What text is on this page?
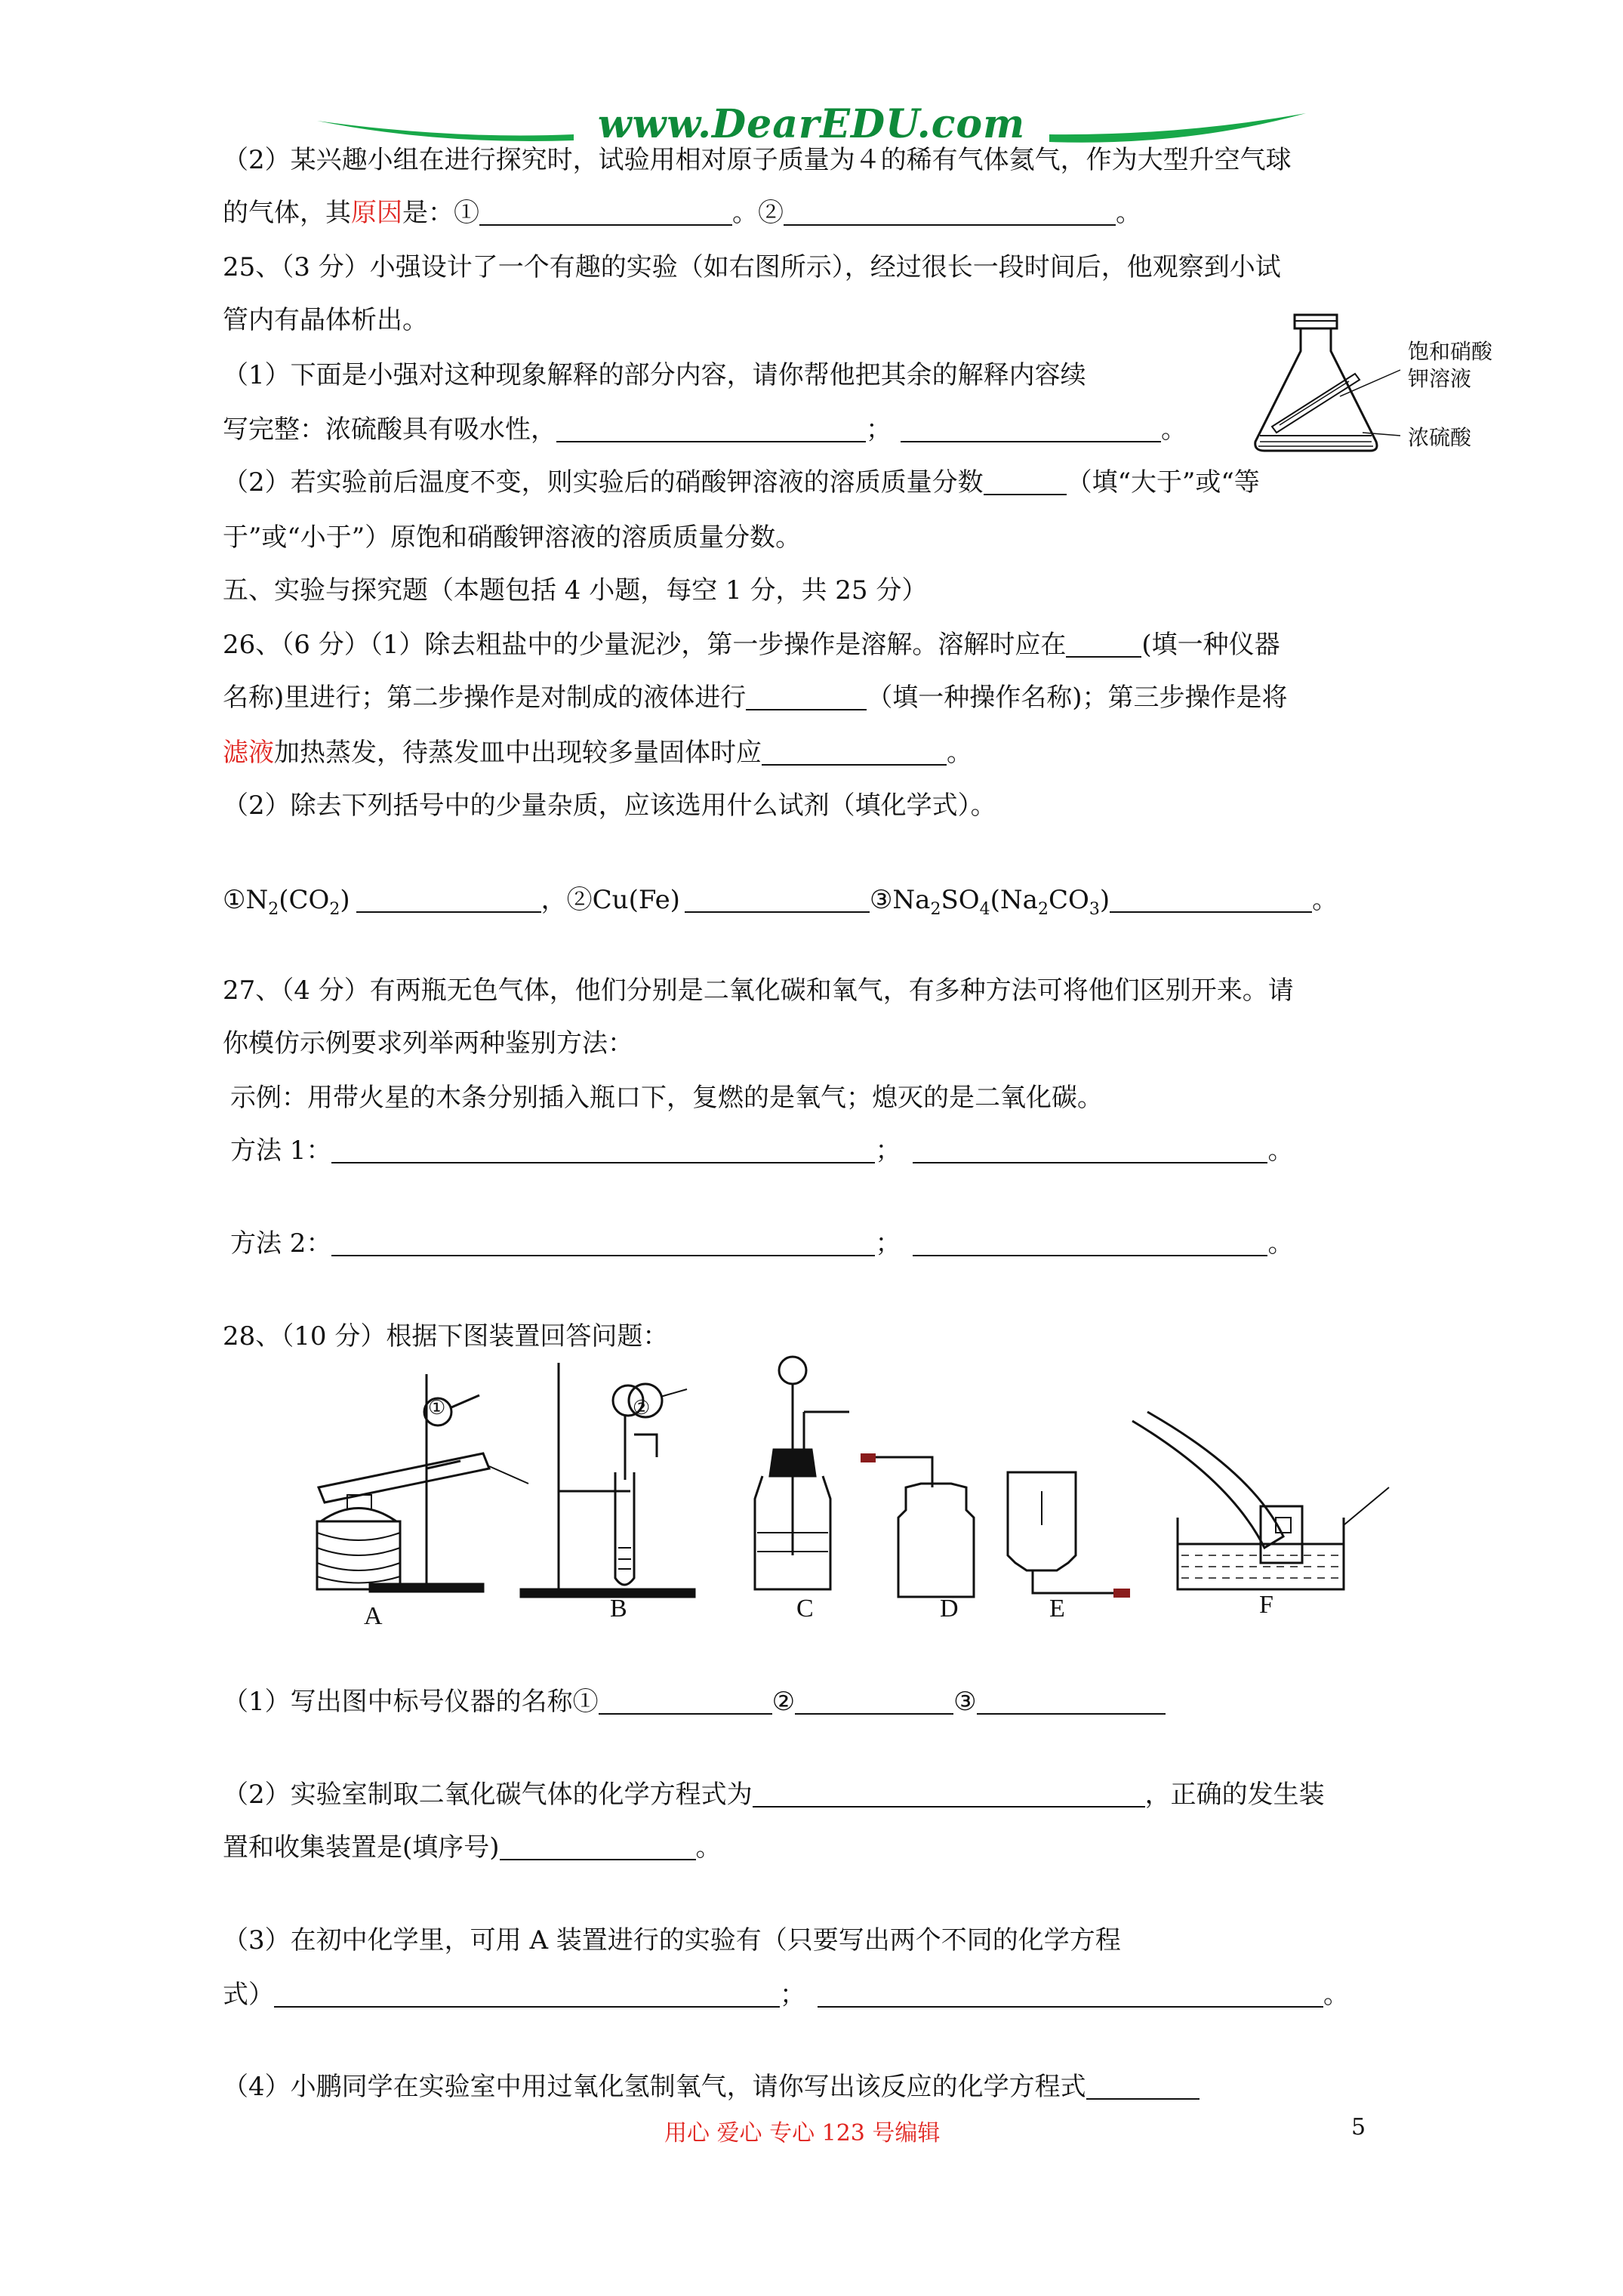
www.DearEDU.com
（2）某兴趣小组在进行探究时，试验用相对原子质量为４的稀有气体氦气，作为大型升空气球
的气体，其原因是：①	。②	。
25、（3 分）小强设计了一个有趣的实验（如右图所示），经过很长一段时间后，他观察到小试
管内有晶体析出。
饱和硝酸
钾溶液
浓硫酸
（1）下面是小强对这种现象解释的部分内容，请你帮他把其余的解释内容续
写完整：浓硫酸具有吸水性，	；	。
（2）若实验前后温度不变，则实验后的硝酸钾溶液的溶质质量分数	（填“大于”或“等
于”或“小于”）原饱和硝酸钾溶液的溶质质量分数。
五、实验与探究题（本题包括 4 小题，每空 1 分，共 25 分）
26、（6 分）（1）除去粗盐中的少量泥沙，第一步操作是溶解。溶解时应在	(填一种仪器
名称)里进行；第二步操作是对制成的液体进行	（填一种操作名称)；第三步操作是将
滤液加热蒸发，待蒸发皿中出现较多量固体时应	。
（2）除去下列括号中的少量杂质，应该选用什么试剂（填化学式）。
$①N_2(CO_2)$	，②Cu(Fe)	$③Na_2SO_4(Na_2CO_3)$	。
27、（4 分）有两瓶无色气体，他们分别是二氧化碳和氧气，有多种方法可将他们区别开来。请
你模仿示例要求列举两种鉴别方法：
示例：用带火星的木条分别插入瓶口下，复燃的是氧气；熄灭的是二氧化碳。
方法 1：	；	。
方法 2：	；	。
28、（10 分）根据下图装置回答问题：
A	B	C	D	E	F
①	②
（1）写出图中标号仪器的名称①	②	③
（2）实验室制取二氧化碳气体的化学方程式为	，正确的发生装
置和收集装置是(填序号)	。
（3）在初中化学里，可用 A 装置进行的实验有（只要写出两个不同的化学方程
式）	；	。
（4）小鹏同学在实验室中用过氧化氢制氧气，请你写出该反应的化学方程式
用心 爱心 专心 123 号编辑	5
